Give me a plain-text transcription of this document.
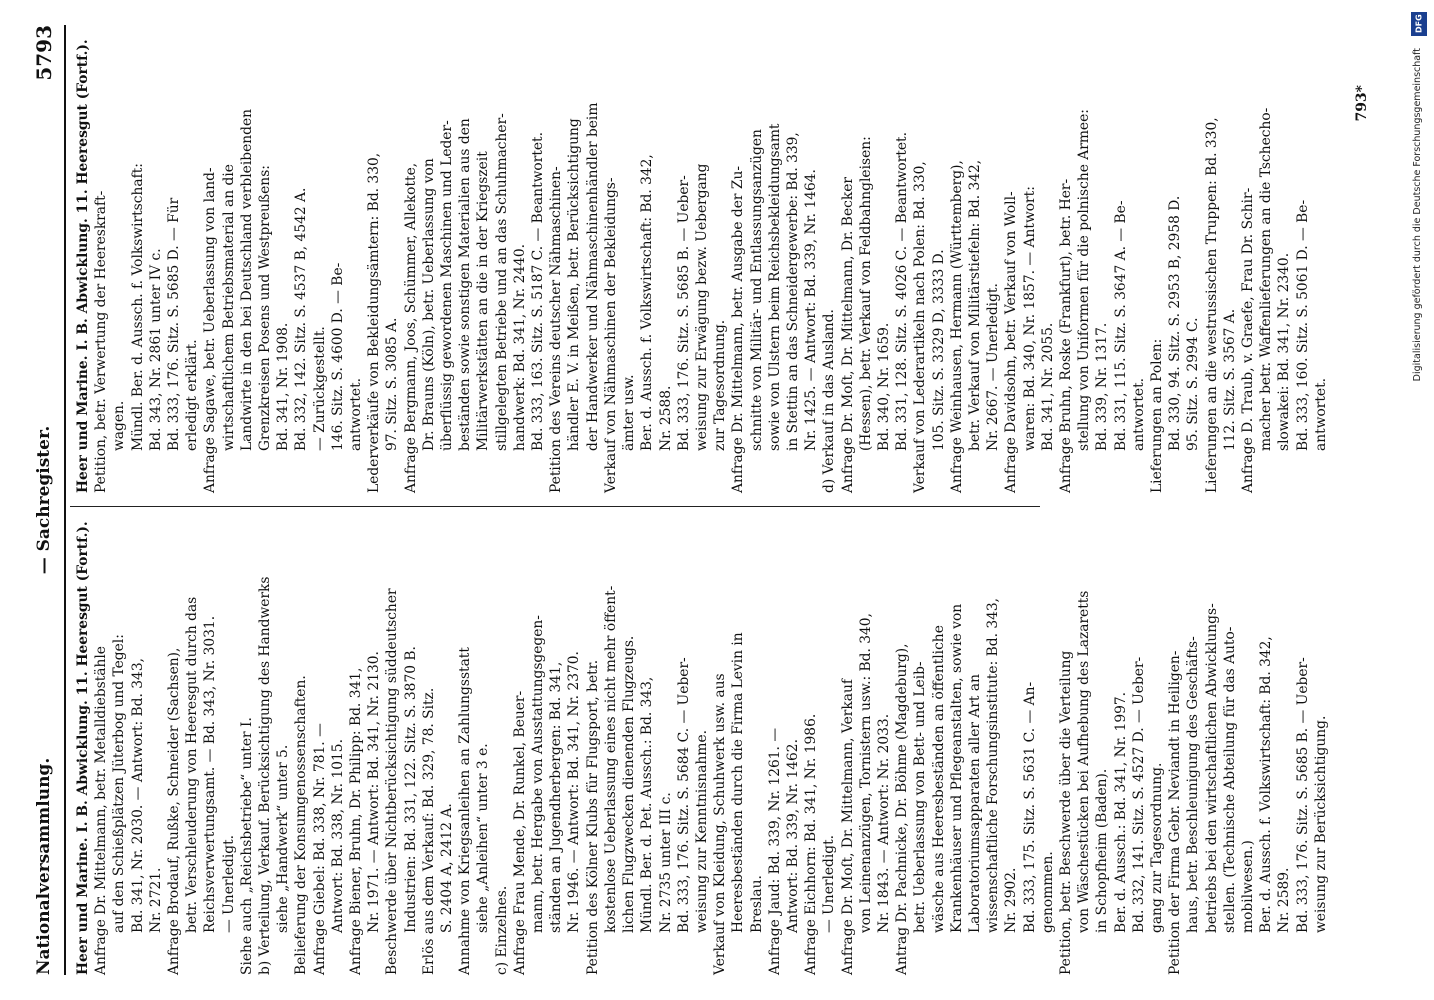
Nationalversammlung.
— Sachregister.
5793

Heer und Marine. I. B. Abwicklung. 11. Heeresgut (Fortf.). Anfrage Dr. Mittelmann, betr. Metalldiebstähle auf den Schießplätzen Jüterbog und Tegel: Bd. 341, Nr. 2030. — Antwort: Bd. 343, Nr. 2721. Anfrage Brodauf, Rußke, Schneider (Sachsen), betr. Verschleuderung von Heeresgut durch das Reichsverwertungsamt. — Bd. 343, Nr. 3031. — Unerledigt. Siehe auch „Reichsbetriebe“ unter I. b) Verteilung, Verkauf. Berücksichtigung des Handwerks siehe „Handwerk“ unter 5. Belieferung der Konsumgenossenschaften. Anfrage Giebel: Bd. 338, Nr. 781. — Antwort: Bd. 338, Nr. 1015. Anfrage Biener, Bruhn, Dr. Philipp: Bd. 341, Nr. 1971. — Antwort: Bd. 341, Nr. 2130. Beschwerde über Nichtberücksichtigung süddeutscher Industrien: Bd. 331, 122. Sitz. S. 3870 B. Erlös aus dem Verkauf: Bd. 329, 78. Sitz. S. 2404 A, 2412 A. Annahme von Kriegsanleihen an Zahlungsstatt siehe „Anleihen“ unter 3 e. c) Einzelnes. Anfrage Frau Mende, Dr. Runkel, Beuer- mann, betr. Hergabe von Ausstattungsgegen- ständen an Jugendherbergen: Bd. 341, Nr. 1946. — Antwort: Bd. 341, Nr. 2370. Petition des Kölner Klubs für Flugsport, betr. kostenlose Ueberlassung eines nicht mehr öffent- lichen Flugzwecken dienenden Flugzeugs. Mündl. Ber. d. Pet. Aussch.: Bd. 343, Nr. 2735 unter III c. Bd. 333, 176. Sitz. S. 5684 C. — Ueber- weisung zur Kenntnisnahme. Verkauf von Kleidung, Schuhwerk usw. aus Heeresbeständen durch die Firma Levin in Breslau. Anfrage Jaud: Bd. 339, Nr. 1261. — Antwort: Bd. 339, Nr. 1462. Anfrage Eichhorn: Bd. 341, Nr. 1986. — Unerledigt. Anfrage Dr. Moſt, Dr. Mittelmann, Verkauf von Leinenanzügen, Tornistern usw.: Bd. 340, Nr. 1843. — Antwort: Nr. 2033. Antrag Dr. Pachnicke, Dr. Böhme (Magdeburg), betr. Ueberlassung von Bett- und Leib- wäsche aus Heeresbeständen an öffentliche Krankenhäuser und Pflegeanstalten, sowie von Laboratoriumsapparaten aller Art an wissenschaftliche Forschungsinstitute: Bd. 343, Nr. 2902. Bd. 333, 175. Sitz. S. 5631 C. — An- genommen. Petition, betr. Beschwerde über die Verteilung von Wäschestücken bei Aufhebung des Lazaretts in Schopfheim (Baden). Ber. d. Aussch.: Bd. 341, Nr. 1997. Bd. 332, 141. Sitz. S. 4527 D. — Ueber- gang zur Tagesordnung. Petition der Firma Gebr. Neviandt in Heiligen- haus, betr. Beschleunigung des Geschäfts- betriebs bei den wirtschaftlichen Abwicklungs- stellen. (Technische Abteilung für das Auto- mobilwesen.) Ber. d. Aussch. f. Volkswirtschaft: Bd. 342, Nr. 2589. Bd. 333, 176. Sitz. S. 5685 B. — Ueber- weisung zur Berücksichtigung.

Heer und Marine. I. B. Abwicklung. 11. Heeresgut (Fortf.). Petition, betr. Verwertung der Heereskraft- wagen. Mündl. Ber. d. Aussch. f. Volkswirtschaft: Bd. 343, Nr. 2861 unter IV c. Bd. 333, 176. Sitz. S. 5685 D. — Für erledigt erklärt. Anfrage Sagawe, betr. Ueberlassung von land- wirtschaftlichem Betriebsmaterial an die Landwirte in den bei Deutschland verbleibenden Grenzkreisen Posens und Westpreußens: Bd. 341, Nr. 1908. Bd. 332, 142. Sitz. S. 4537 B, 4542 A. — Zurückgestellt. 146. Sitz. S. 4600 D. — Be- antwortet. Lederverkäufe von Bekleidungsämtern: Bd. 330, 97. Sitz. S. 3085 A. Anfrage Bergmann, Joos, Schümmer, Allekotte, Dr. Brauns (Köln), betr. Ueberlassung von überflüssig gewordenen Maschinen und Leder- beständen sowie sonstigen Materialien aus den Militärwerkstätten an die in der Kriegszeit stillgelegten Betriebe und an das Schuhmacher- handwerk: Bd. 341, Nr. 2440. Bd. 333, 163. Sitz. S. 5187 C. — Beantwortet. Petition des Vereins deutscher Nähmaschinen- händler E. V. in Meißen, betr. Berücksichtigung der Handwerker und Nähmaschinenhändler beim Verkauf von Nähmaschinen der Bekleidungs- ämter usw. Ber. d. Aussch. f. Volkswirtschaft: Bd. 342, Nr. 2588. Bd. 333, 176. Sitz. S. 5685 B. — Ueber- weisung zur Erwägung bezw. Uebergang zur Tagesordnung. Anfrage Dr. Mittelmann, betr. Ausgabe der Zu- schnitte von Militär- und Entlassungsanzügen sowie von Ulstern beim Reichsbekleidungsamt in Stettin an das Schneidergewerbe: Bd. 339, Nr. 1425. — Antwort: Bd. 339, Nr. 1464. d) Verkauf in das Ausland. Anfrage Dr. Moſt, Dr. Mittelmann, Dr. Becker (Hessen), betr. Verkauf von Feldbahngleisen: Bd. 340, Nr. 1659. Bd. 331, 128. Sitz. S. 4026 C. — Beantwortet. Verkauf von Lederartikeln nach Polen: Bd. 330, 105. Sitz. S. 3329 D, 3333 D. Anfrage Weinhausen, Hermann (Württemberg), betr. Verkauf von Militärstiefeln: Bd. 342, Nr. 2667. — Unerledigt. Anfrage Davidsohn, betr. Verkauf von Woll- waren: Bd. 340, Nr. 1857. — Antwort: Bd. 341, Nr. 2055. Anfrage Bruhn, Roske (Frankfurt), betr. Her- stellung von Uniformen für die polnische Armee: Bd. 339, Nr. 1317. Bd. 331, 115. Sitz. S. 3647 A. — Be- antwortet. Lieferungen an Polen: Bd. 330, 94. Sitz. S. 2953 B, 2958 D. 95. Sitz. S. 2994 C. Lieferungen an die westrussischen Truppen: Bd. 330, 112. Sitz. S. 3567 A. Anfrage D. Traub, v. Graefe, Frau Dr. Schir- macher betr. Waffenlieferungen an die Tschecho- slowakei: Bd. 341, Nr. 2340. Bd. 333, 160. Sitz. S. 5061 D. — Be- antwortet.

793*
DFG
Digitalisierung gefördert durch die Deutsche Forschungsgemeinschaft
